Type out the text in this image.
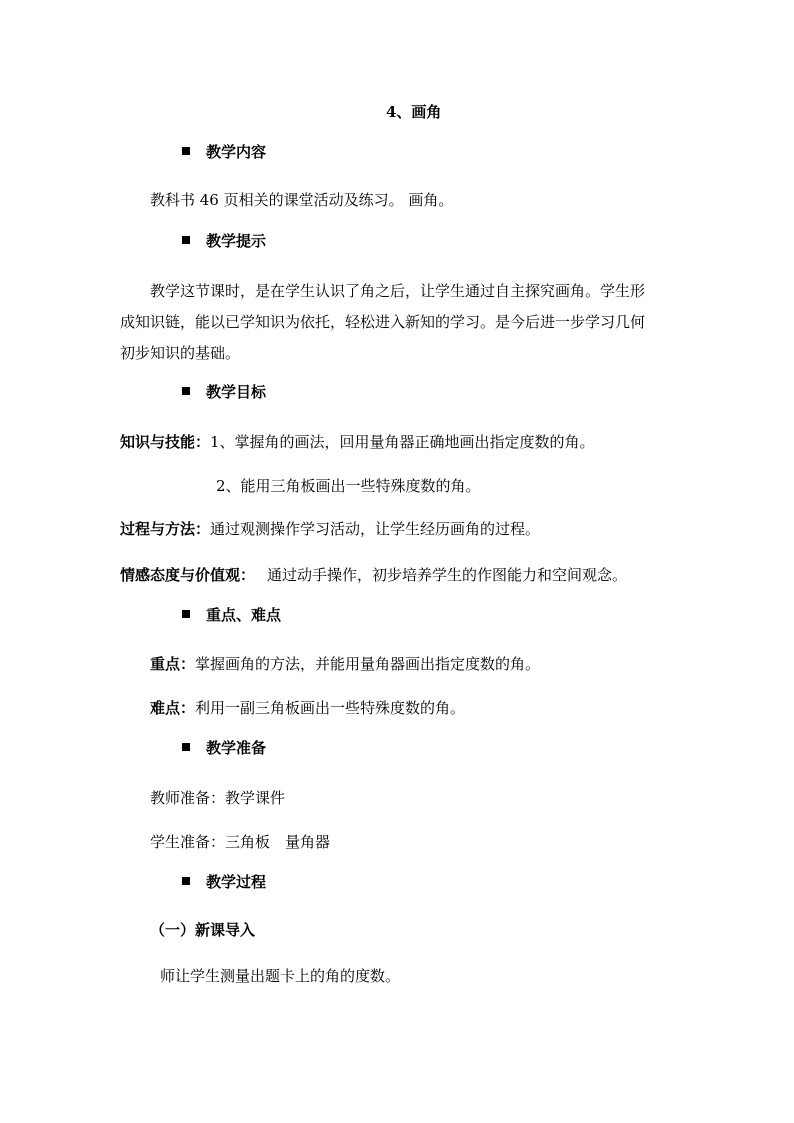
4、画角
教学内容
教科书 46 页相关的课堂活动及练习。 画角。
教学提示
教学这节课时，是在学生认识了角之后，让学生通过自主探究画角。学生形
成知识链，能以已学知识为依托，轻松进入新知的学习。是今后进一步学习几何
初步知识的基础。
教学目标
知识与技能：1、掌握角的画法，回用量角器正确地画出指定度数的角。
2、能用三角板画出一些特殊度数的角。
过程与方法：通过观测操作学习活动，让学生经历画角的过程。
情感态度与价值观： 通过动手操作，初步培养学生的作图能力和空间观念。
重点、难点
重点：掌握画角的方法，并能用量角器画出指定度数的角。
难点：利用一副三角板画出一些特殊度数的角。
教学准备
教师准备：教学课件
学生准备：三角板　量角器
教学过程
（一）新课导入
师让学生测量出题卡上的角的度数。
